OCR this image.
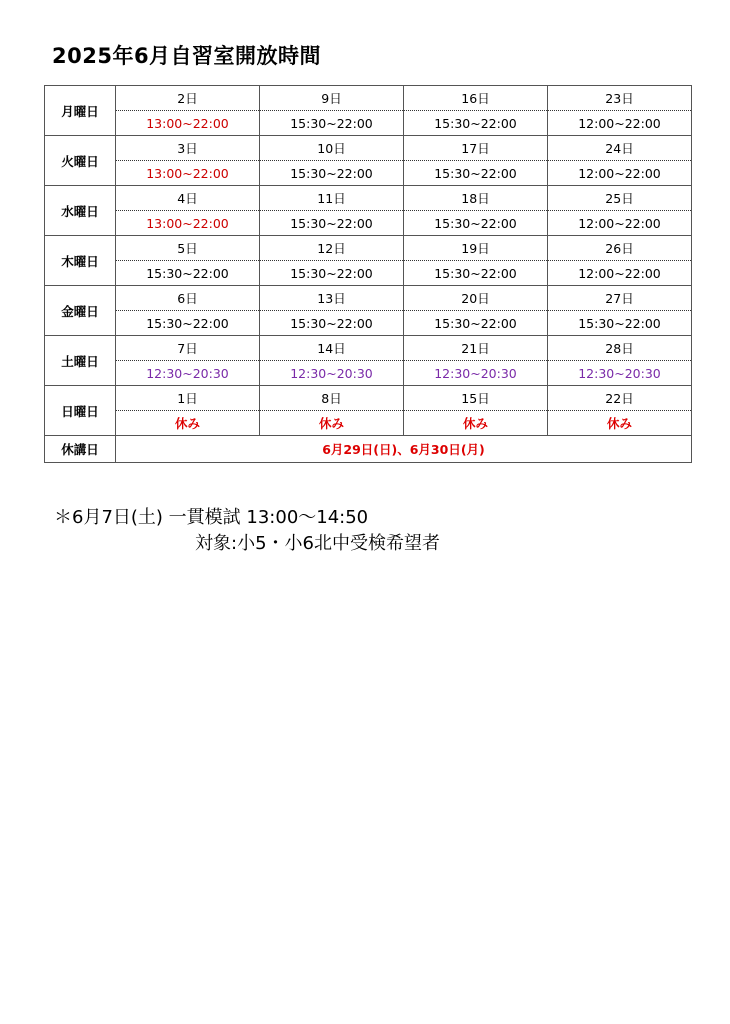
2025年6月自習室開放時間
月曜日	2日	9日	16日	23日
	13:00~22:00	15:30~22:00	15:30~22:00	12:00~22:00
火曜日	3日	10日	17日	24日
	13:00~22:00	15:30~22:00	15:30~22:00	12:00~22:00
水曜日	4日	11日	18日	25日
	13:00~22:00	15:30~22:00	15:30~22:00	12:00~22:00
木曜日	5日	12日	19日	26日
	15:30~22:00	15:30~22:00	15:30~22:00	12:00~22:00
金曜日	6日	13日	20日	27日
	15:30~22:00	15:30~22:00	15:30~22:00	15:30~22:00
土曜日	7日	14日	21日	28日
	12:30~20:30	12:30~20:30	12:30~20:30	12:30~20:30
日曜日	1日	8日	15日	22日
	休み	休み	休み	休み
休講日	6月29日(日)、6月30日(月)			
＊6月7日(土) 一貫模試 13:00～14:50
対象:小5・小6北中受検希望者
